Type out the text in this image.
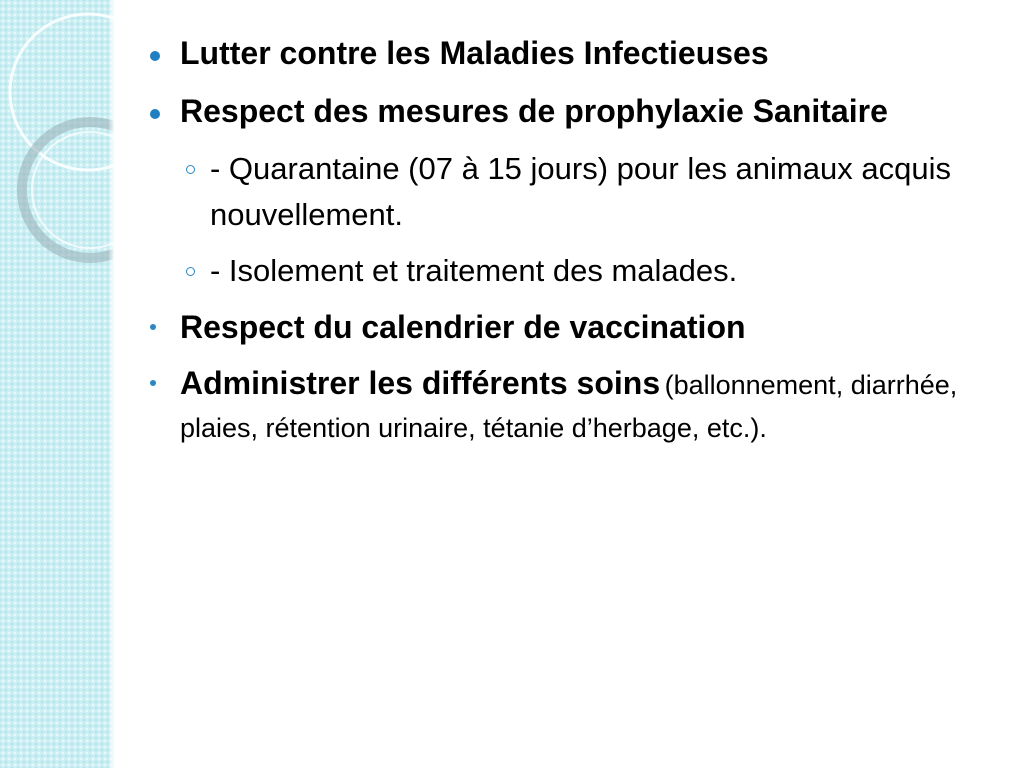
Lutter contre les Maladies Infectieuses
Respect des mesures de prophylaxie Sanitaire
- Quarantaine (07 à 15 jours) pour les animaux acquis nouvellement.
- Isolement et traitement des malades.
Respect du calendrier de vaccination
Administrer les différents soins (ballonnement, diarrhée, plaies, rétention urinaire, tétanie d’herbage, etc.).
